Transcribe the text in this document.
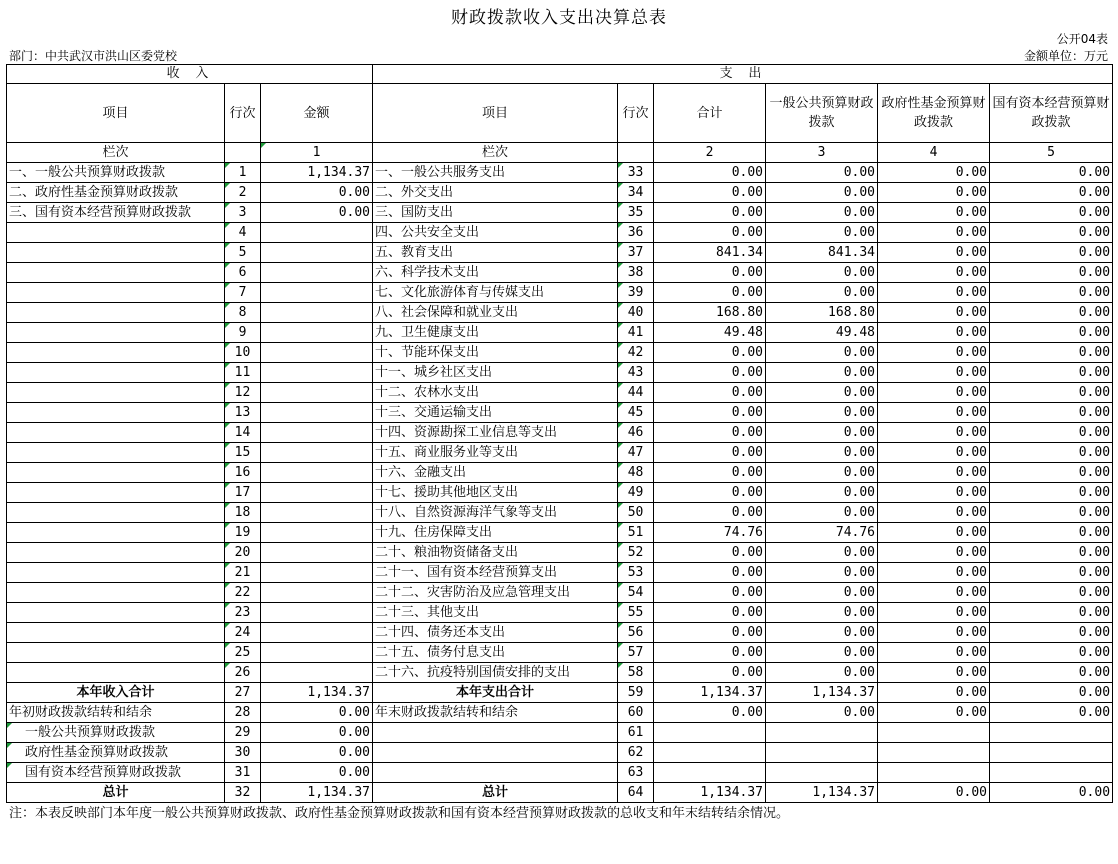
财政拨款收入支出决算总表
公开04表
部门：中共武汉市洪山区委党校	金额单位：万元
收 入			支 出					
项目	行次	金额	项目	行次	合计	一般公共预算财政拨款	政府性基金预算财政拨款	国有资本经营预算财政拨款
栏次		1	栏次		2	3	4	5
一、一般公共预算财政拨款	1	1,134.37	一、一般公共服务支出	33	0.00	0.00	0.00	0.00
二、政府性基金预算财政拨款	2	0.00	二、外交支出	34	0.00	0.00	0.00	0.00
三、国有资本经营预算财政拨款	3	0.00	三、国防支出	35	0.00	0.00	0.00	0.00
	4		四、公共安全支出	36	0.00	0.00	0.00	0.00
	5		五、教育支出	37	841.34	841.34	0.00	0.00
	6		六、科学技术支出	38	0.00	0.00	0.00	0.00
	7		七、文化旅游体育与传媒支出	39	0.00	0.00	0.00	0.00
	8		八、社会保障和就业支出	40	168.80	168.80	0.00	0.00
	9		九、卫生健康支出	41	49.48	49.48	0.00	0.00
	10		十、节能环保支出	42	0.00	0.00	0.00	0.00
	11		十一、城乡社区支出	43	0.00	0.00	0.00	0.00
	12		十二、农林水支出	44	0.00	0.00	0.00	0.00
	13		十三、交通运输支出	45	0.00	0.00	0.00	0.00
	14		十四、资源勘探工业信息等支出	46	0.00	0.00	0.00	0.00
	15		十五、商业服务业等支出	47	0.00	0.00	0.00	0.00
	16		十六、金融支出	48	0.00	0.00	0.00	0.00
	17		十七、援助其他地区支出	49	0.00	0.00	0.00	0.00
	18		十八、自然资源海洋气象等支出	50	0.00	0.00	0.00	0.00
	19		十九、住房保障支出	51	74.76	74.76	0.00	0.00
	20		二十、粮油物资储备支出	52	0.00	0.00	0.00	0.00
	21		二十一、国有资本经营预算支出	53	0.00	0.00	0.00	0.00
	22		二十二、灾害防治及应急管理支出	54	0.00	0.00	0.00	0.00
	23		二十三、其他支出	55	0.00	0.00	0.00	0.00
	24		二十四、债务还本支出	56	0.00	0.00	0.00	0.00
	25		二十五、债务付息支出	57	0.00	0.00	0.00	0.00
	26		二十六、抗疫特别国债安排的支出	58	0.00	0.00	0.00	0.00
本年收入合计	27	1,134.37	本年支出合计	59	1,134.37	1,134.37	0.00	0.00
年初财政拨款结转和结余	28	0.00	年末财政拨款结转和结余	60	0.00	0.00	0.00	0.00
一般公共预算财政拨款	29	0.00		61				
政府性基金预算财政拨款	30	0.00		62				
国有资本经营预算财政拨款	31	0.00		63				
总计	32	1,134.37	总计	64	1,134.37	1,134.37	0.00	0.00
注：本表反映部门本年度一般公共预算财政拨款、政府性基金预算财政拨款和国有资本经营预算财政拨款的总收支和年末结转结余情况。
